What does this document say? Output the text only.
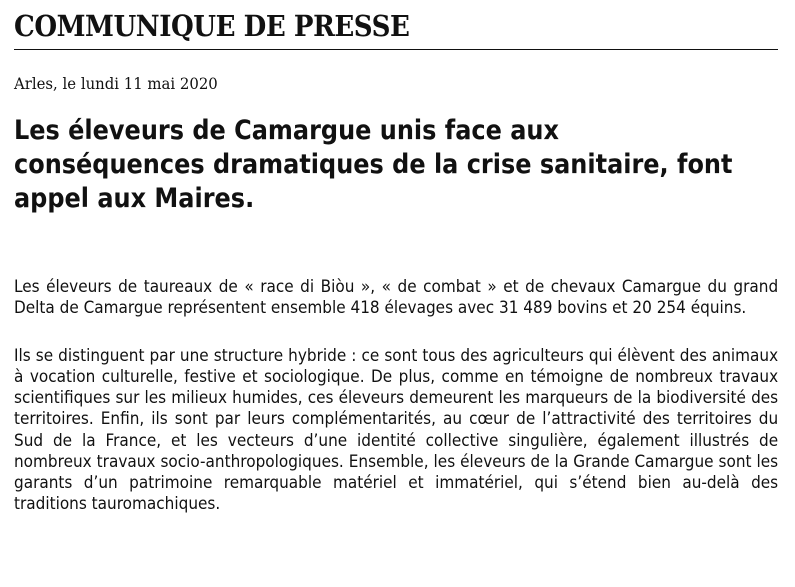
COMMUNIQUE DE PRESSE

Arles, le lundi 11 mai 2020

Les éleveurs de Camargue unis face aux conséquences dramatiques de la crise sanitaire, font appel aux Maires.

Les éleveurs de taureaux de « race di Biòu », « de combat » et de chevaux Camargue du grand Delta de Camargue représentent ensemble 418 élevages avec 31 489 bovins et 20 254 équins.

Ils se distinguent par une structure hybride : ce sont tous des agriculteurs qui élèvent des animaux à vocation culturelle, festive et sociologique. De plus, comme en témoigne de nombreux travaux scientifiques sur les milieux humides, ces éleveurs demeurent les marqueurs de la biodiversité des territoires. Enfin, ils sont par leurs complémentarités, au cœur de l’attractivité des territoires du Sud de la France, et les vecteurs d’une identité collective singulière, également illustrés de nombreux travaux socio-anthropologiques. Ensemble, les éleveurs de la Grande Camargue sont les garants d’un patrimoine remarquable matériel et immatériel, qui s’étend bien au-delà des traditions tauromachiques.
